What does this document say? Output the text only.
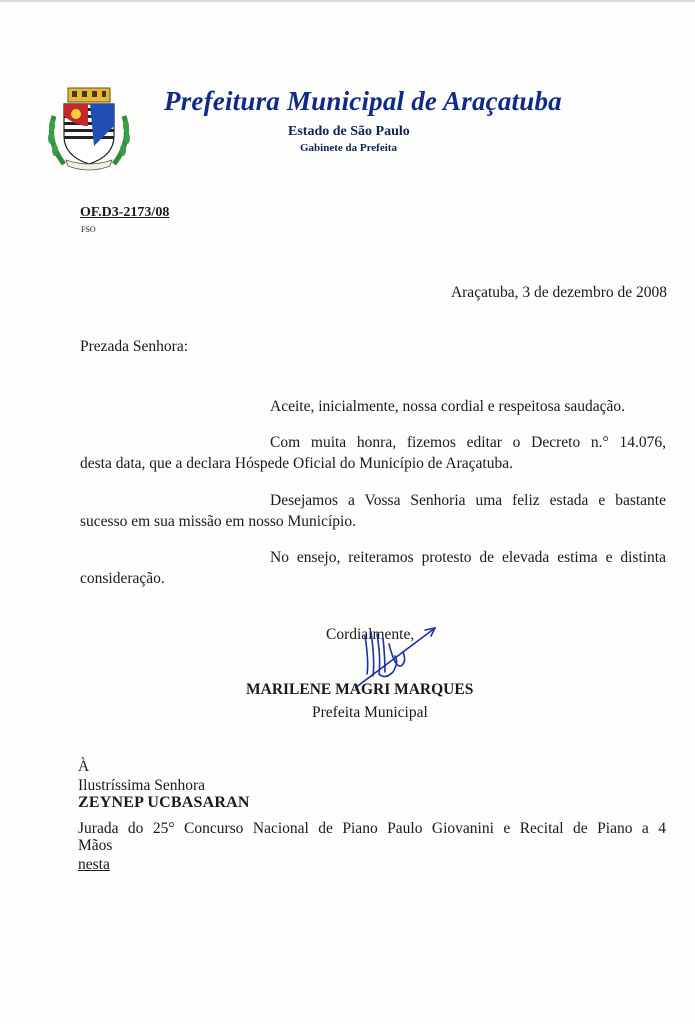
Prefeitura Municipal de Araçatuba
Estado de São Paulo
Gabinete da Prefeita
OF.D3-2173/08
FSO
Araçatuba, 3 de dezembro de 2008
Prezada Senhora:
Aceite, inicialmente, nossa cordial e respeitosa saudação.
Com muita honra, fizemos editar o Decreto n.° 14.076,
desta data, que a declara Hóspede Oficial do Município de Araçatuba.
Desejamos a Vossa Senhoria uma feliz estada e bastante
sucesso em sua missão em nosso Município.
No ensejo, reiteramos protesto de elevada estima e distinta
consideração.
Cordialmente,
MARILENE MAGRI MARQUES
Prefeita Municipal
À
Ilustríssima Senhora
ZEYNEP UCBASARAN
Jurada do 25° Concurso Nacional de Piano Paulo Giovanini e Recital de Piano a 4
Mãos
nesta
